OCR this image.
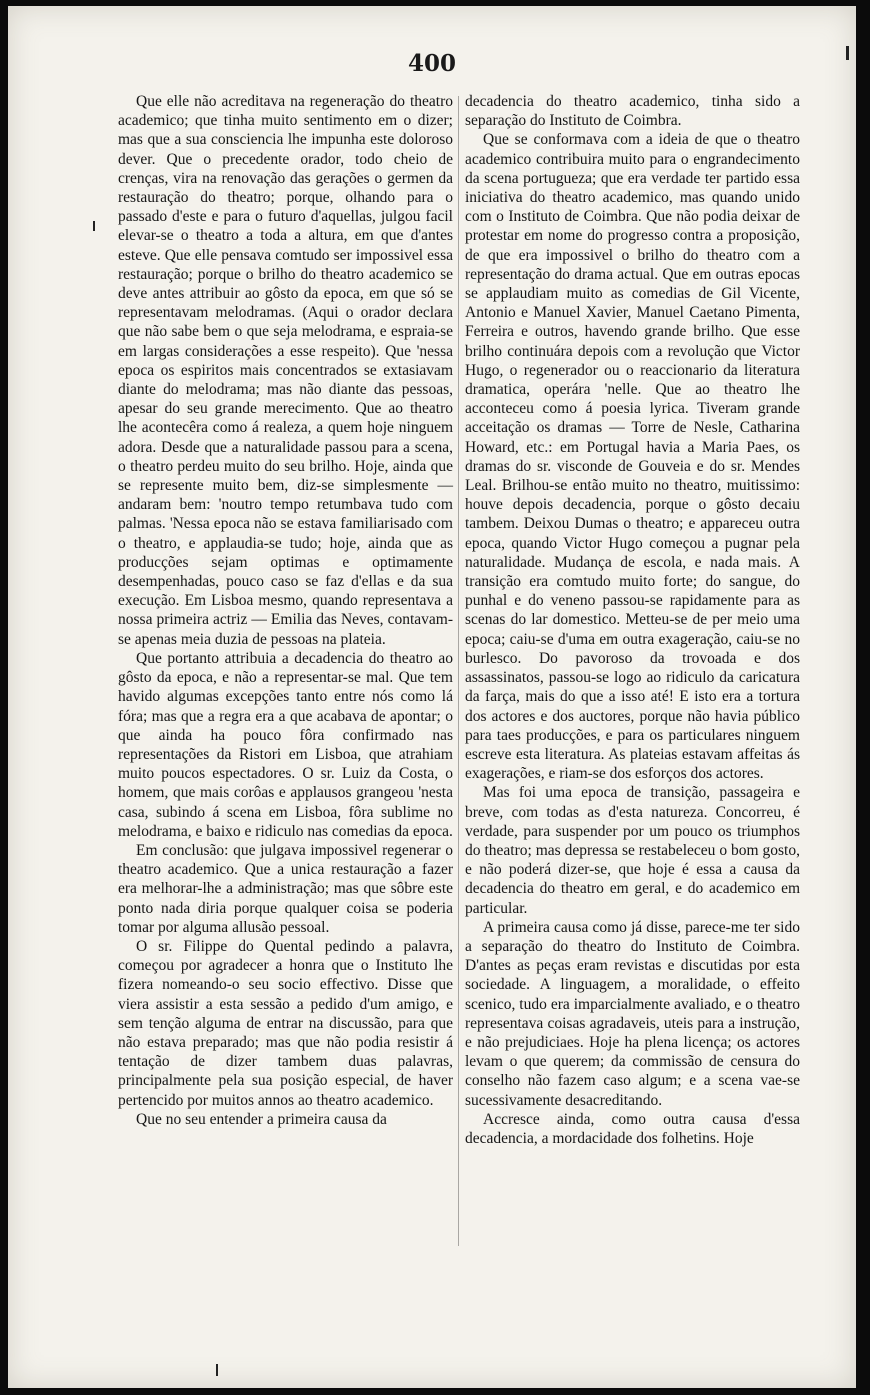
400

Que elle não acreditava na regeneração do theatro academico; que tinha muito sentimento em o dizer; mas que a sua consciencia lhe impunha este doloroso dever. Que o precedente orador, todo cheio de crenças, vira na renovação das gerações o germen da restauração do theatro; porque, olhando para o passado d'este e para o futuro d'aquellas, julgou facil elevar-se o theatro a toda a altura, em que d'antes esteve. Que elle pensava comtudo ser impossivel essa restauração; porque o brilho do theatro academico se deve antes attribuir ao gôsto da epoca, em que só se representavam melodramas. (Aqui o orador declara que não sabe bem o que seja melodrama, e espraia-se em largas considerações a esse respeito). Que 'nessa epoca os espiritos mais concentrados se extasiavam diante do melodrama; mas não diante das pessoas, apesar do seu grande merecimento. Que ao theatro lhe acontecêra como á realeza, a quem hoje ninguem adora. Desde que a naturalidade passou para a scena, o theatro perdeu muito do seu brilho. Hoje, ainda que se represente muito bem, diz-se simplesmente — andaram bem: 'noutro tempo retumbava tudo com palmas. 'Nessa epoca não se estava familiarisado com o theatro, e applaudia-se tudo; hoje, ainda que as producções sejam optimas e optimamente desempenhadas, pouco caso se faz d'ellas e da sua execução. Em Lisboa mesmo, quando representava a nossa primeira actriz — Emilia das Neves, contavam-se apenas meia duzia de pessoas na plateia.

Que portanto attribuia a decadencia do theatro ao gôsto da epoca, e não a representar-se mal. Que tem havido algumas excepções tanto entre nós como lá fóra; mas que a regra era a que acabava de apontar; o que ainda ha pouco fôra confirmado nas representações da Ristori em Lisboa, que atrahiam muito poucos espectadores. O sr. Luiz da Costa, o homem, que mais corôas e applausos grangeou 'nesta casa, subindo á scena em Lisboa, fôra sublime no melodrama, e baixo e ridiculo nas comedias da epoca.

Em conclusão: que julgava impossivel regenerar o theatro academico. Que a unica restauração a fazer era melhorar-lhe a administração; mas que sôbre este ponto nada diria porque qualquer coisa se poderia tomar por alguma allusão pessoal.

O sr. Filippe do Quental pedindo a palavra, começou por agradecer a honra que o Instituto lhe fizera nomeando-o seu socio effectivo. Disse que viera assistir a esta sessão a pedido d'um amigo, e sem tenção alguma de entrar na discussão, para que não estava preparado; mas que não podia resistir á tentação de dizer tambem duas palavras, principalmente pela sua posição especial, de haver pertencido por muitos annos ao theatro academico.

Que no seu entender a primeira causa da

decadencia do theatro academico, tinha sido a separação do Instituto de Coimbra.

Que se conformava com a ideia de que o theatro academico contribuira muito para o engrandecimento da scena portugueza; que era verdade ter partido essa iniciativa do theatro academico, mas quando unido com o Instituto de Coimbra. Que não podia deixar de protestar em nome do progresso contra a proposição, de que era impossivel o brilho do theatro com a representação do drama actual. Que em outras epocas se applaudiam muito as comedias de Gil Vicente, Antonio e Manuel Xavier, Manuel Caetano Pimenta, Ferreira e outros, havendo grande brilho. Que esse brilho continuára depois com a revolução que Victor Hugo, o regenerador ou o reaccionario da literatura dramatica, operára 'nelle. Que ao theatro lhe acconteceu como á poesia lyrica. Tiveram grande acceitação os dramas — Torre de Nesle, Catharina Howard, etc.: em Portugal havia a Maria Paes, os dramas do sr. visconde de Gouveia e do sr. Mendes Leal. Brilhou-se então muito no theatro, muitissimo: houve depois decadencia, porque o gôsto decaiu tambem. Deixou Dumas o theatro; e appareceu outra epoca, quando Victor Hugo começou a pugnar pela naturalidade. Mudança de escola, e nada mais. A transição era comtudo muito forte; do sangue, do punhal e do veneno passou-se rapidamente para as scenas do lar domestico. Metteu-se de per meio uma epoca; caiu-se d'uma em outra exageração, caiu-se no burlesco. Do pavoroso da trovoada e dos assassinatos, passou-se logo ao ridiculo da caricatura da farça, mais do que a isso até! E isto era a tortura dos actores e dos auctores, porque não havia público para taes producções, e para os particulares ninguem escreve esta literatura. As plateias estavam affeitas ás exagerações, e riam-se dos esforços dos actores.

Mas foi uma epoca de transição, passageira e breve, com todas as d'esta natureza. Concorreu, é verdade, para suspender por um pouco os triumphos do theatro; mas depressa se restabeleceu o bom gosto, e não poderá dizer-se, que hoje é essa a causa da decadencia do theatro em geral, e do academico em particular.

A primeira causa como já disse, parece-me ter sido a separação do theatro do Instituto de Coimbra. D'antes as peças eram revistas e discutidas por esta sociedade. A linguagem, a moralidade, o effeito scenico, tudo era imparcialmente avaliado, e o theatro representava coisas agradaveis, uteis para a instrução, e não prejudiciaes. Hoje ha plena licença; os actores levam o que querem; da commissão de censura do conselho não fazem caso algum; e a scena vae-se sucessivamente desacreditando.

Accresce ainda, como outra causa d'essa decadencia, a mordacidade dos folhetins. Hoje
